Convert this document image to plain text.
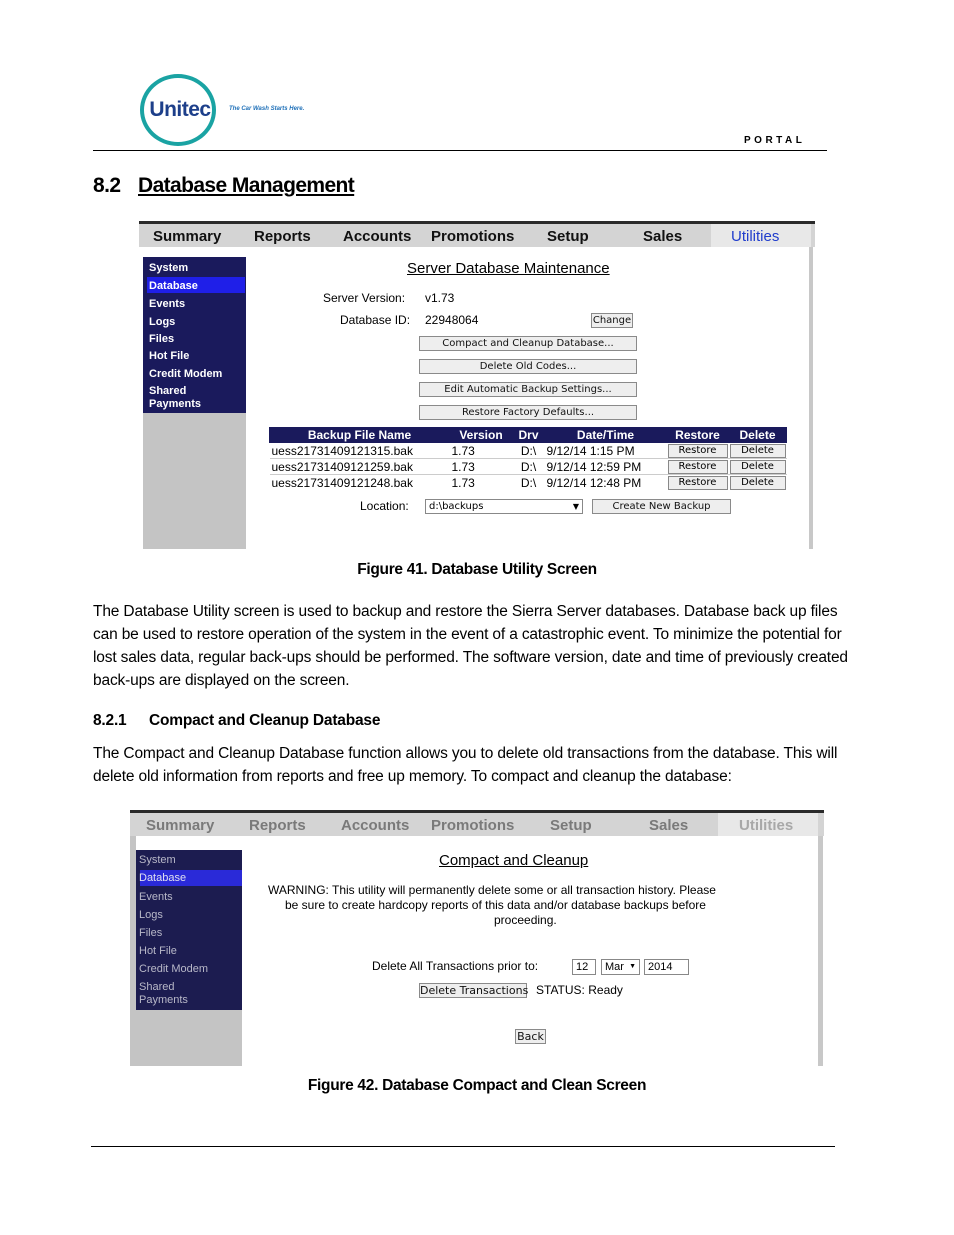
Unitec	The Car Wash Starts Here.
PORTAL
8.2 Database Management
Summary Reports Accounts Promotions Setup	Sales	Utilities
System
Database
Events
Logs
Files
Hot File
Credit Modem
Shared
Payments
Server Database Maintenance
Server Version: v1.73
Database ID: 22948064	Change
Compact and Cleanup Database...
Delete Old Codes...
Edit Automatic Backup Settings...
Restore Factory Defaults...
Backup File Name	Version	Drv	Date/Time	Restore	Delete
uess21731409121315.bak	1.73	D:\	9/12/14 1:15 PM	Restore	Delete

uess21731409121259.bak	1.73	D:\	9/12/14 12:59 PM	Restore	Delete

uess21731409121248.bak	1.73	D:\	9/12/14 12:48 PM	Restore	Delete
Location:	d:\backups	▼	Create New Backup
Figure 41. Database Utility Screen
The Database Utility screen is used to backup and restore the Sierra Server databases. Database back up files can be used to restore operation of the system in the event of a catastrophic event. To minimize the potential for lost sales data, regular back-ups should be performed. The software version, date and time of previously created back-ups are displayed on the screen.
8.2.1 Compact and Cleanup Database
The Compact and Cleanup Database function allows you to delete old transactions from the database. This will delete old information from reports and free up memory. To compact and cleanup the database:
Summary Reports Accounts Promotions Setup	Sales	Utilities
System
Database
Events
Logs
Files
Hot File
Credit Modem
Shared
Payments
Compact and Cleanup
WARNING: This utility will permanently delete some or all transaction history. Please
be sure to create hardcopy reports of this data and/or database backups before
proceeding.
Delete All Transactions prior to:	12	Mar ▼	2014
Delete Transactions STATUS: Ready
Back
Figure 42. Database Compact and Clean Screen
